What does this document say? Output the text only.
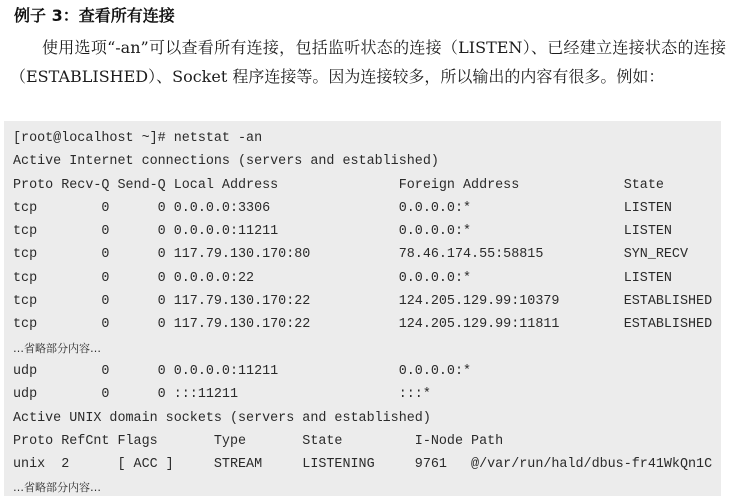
例子 3：查看所有连接

使用选项“-an”可以查看所有连接，包括监听状态的连接（LISTEN）、已经建立连接状态的连接（ESTABLISHED）、Socket 程序连接等。因为连接较多，所以输出的内容有很多。例如：

[root@localhost ~]# netstat -an
Active Internet connections (servers and established)
Proto Recv-Q Send-Q Local Address               Foreign Address             State
tcp        0      0 0.0.0.0:3306                0.0.0.0:*                   LISTEN
tcp        0      0 0.0.0.0:11211               0.0.0.0:*                   LISTEN
tcp        0      0 117.79.130.170:80           78.46.174.55:58815          SYN_RECV
tcp        0      0 0.0.0.0:22                  0.0.0.0:*                   LISTEN
tcp        0      0 117.79.130.170:22           124.205.129.99:10379        ESTABLISHED
tcp        0      0 117.79.130.170:22           124.205.129.99:11811        ESTABLISHED
…省略部分内容…
udp        0      0 0.0.0.0:11211               0.0.0.0:*
udp        0      0 :::11211                    :::*
Active UNIX domain sockets (servers and established)
Proto RefCnt Flags       Type       State         I-Node Path
unix  2      [ ACC ]     STREAM     LISTENING     9761   @/var/run/hald/dbus-fr41WkQn1C
…省略部分内容…
